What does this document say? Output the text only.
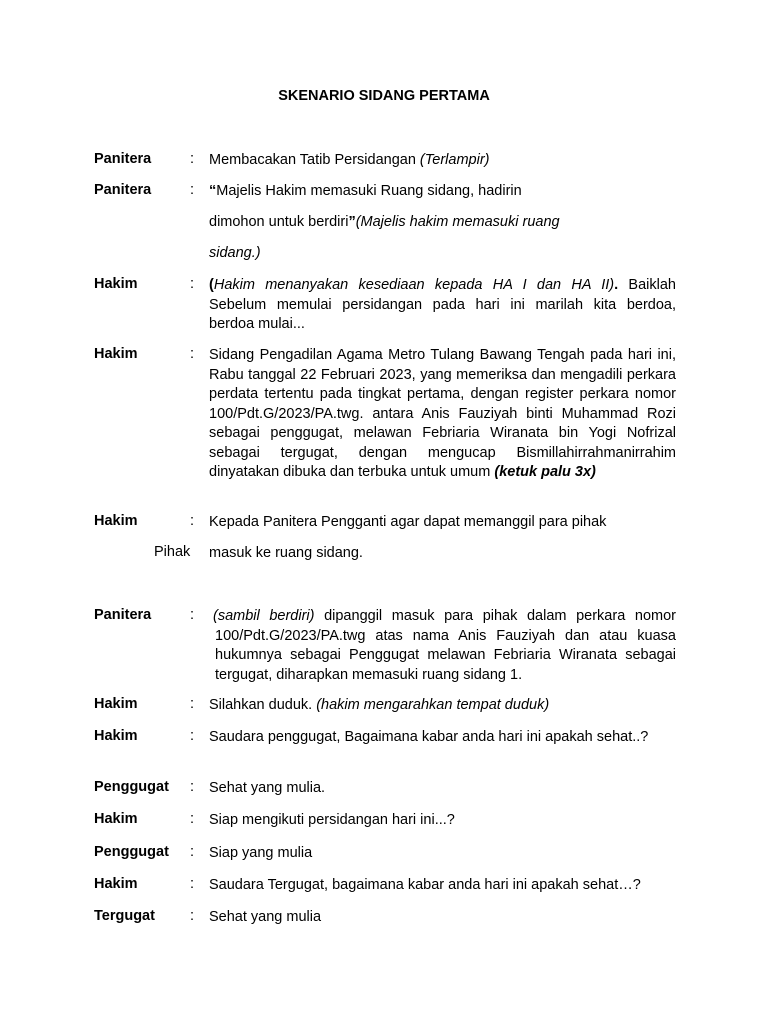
SKENARIO SIDANG PERTAMA
Panitera	: Membacakan Tatib Persidangan (Terlampir)
Panitera	: “Majelis Hakim memasuki Ruang sidang, hadirin
dimohon untuk berdiri”(Majelis hakim memasuki ruang
sidang.)
Hakim	: (Hakim menanyakan kesediaan kepada HA I dan HA II). Baiklah
Sebelum memulai persidangan pada hari ini marilah kita berdoa,
berdoa mulai...
Hakim	: Sidang Pengadilan Agama Metro Tulang Bawang Tengah pada hari ini, Rabu tanggal 22 Februari 2023, yang memeriksa dan mengadili perkara perdata tertentu pada tingkat pertama, dengan register perkara nomor 100/Pdt.G/2023/PA.twg. antara Anis Fauziyah binti Muhammad Rozi sebagai penggugat, melawan Febriaria Wiranata bin Yogi Nofrizal sebagai tergugat, dengan mengucap Bismillahirrahmanirrahim dinyatakan dibuka dan terbuka untuk umum (ketuk palu 3x)
Hakim	: Kepada Panitera Pengganti agar dapat memanggil para pihak
Pihak masuk ke ruang sidang.
Panitera	: (sambil berdiri) dipanggil masuk para pihak dalam perkara nomor
100/Pdt.G/2023/PA.twg atas nama Anis Fauziyah dan atau kuasa hukumnya sebagai Penggugat melawan Febriaria Wiranata sebagai tergugat, diharapkan memasuki ruang sidang 1.
Hakim	: Silahkan duduk. (hakim mengarahkan tempat duduk)
Hakim	: Saudara penggugat, Bagaimana kabar anda hari ini apakah sehat..?
Penggugat : Sehat yang mulia.
Hakim	: Siap mengikuti persidangan hari ini...?
Penggugat : Siap yang mulia
Hakim	: Saudara Tergugat, bagaimana kabar anda hari ini apakah sehat…?
Tergugat : Sehat yang mulia
